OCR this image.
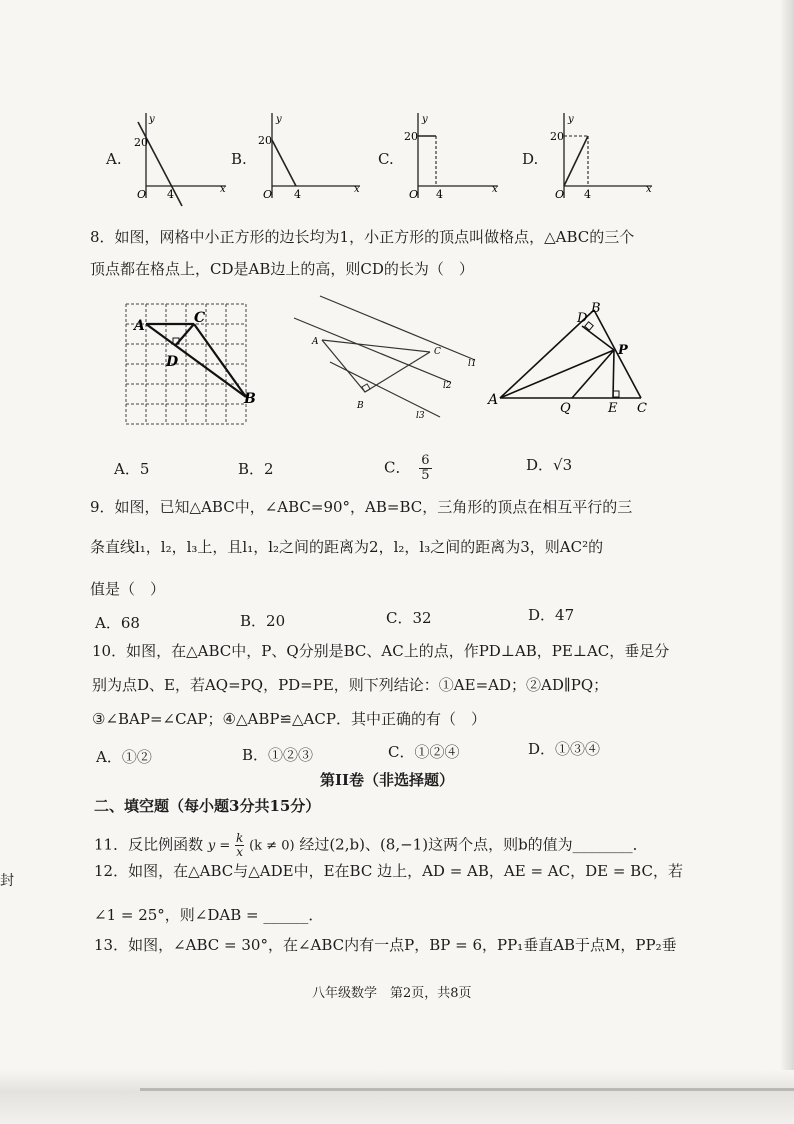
A.
y
x
20
O 4
B.
y
x
20
O 4
C.
y
x
20
O 4
D.
y
x
20
O 4
8．如图，网格中小正方形的边长均为1，小正方形的顶点叫做格点，△ABC的三个
顶点都在格点上，CD是AB边上的高，则CD的长为（　）
A	C
D
B
A
C
B
l1
l2
l3
A
B
D
P
Q	E C
A．5	B．2	C． $\frac{6}{5}$	D．√3
9．如图，已知△ABC中，∠ABC=90°，AB=BC，三角形的顶点在相互平行的三
条直线l₁，l₂，l₃上，且l₁，l₂之间的距离为2，l₂，l₃之间的距离为3，则AC²的
值是（　）
A．68	B．20	C．32	D．47
10．如图，在△ABC中，P、Q分别是BC、AC上的点，作PD⊥AB，PE⊥AC，垂足分
别为点D、E，若AQ=PQ，PD=PE，则下列结论：①AE=AD；②AD∥PQ；
③∠BAP=∠CAP；④△ABP≌△ACP．其中正确的有（　）
A．①②	B．①②③	C．①②④	D．①③④
第II卷（非选择题）
二、填空题（每小题3分共15分）
11．反比例函数 $y = \frac{k}{x} (k \ne 0)$ 经过(2,b)、(8,−1)这两个点，则b的值为________．
12．如图，在△ABC与△ADE中，E在BC 边上，AD = AB，AE = AC，DE = BC，若
∠1 = 25°，则∠DAB = ______．
13．如图，∠ABC = 30°，在∠ABC内有一点P，BP = 6，PP₁垂直AB于点M，PP₂垂
八年级数学　第2页，共8页
封
